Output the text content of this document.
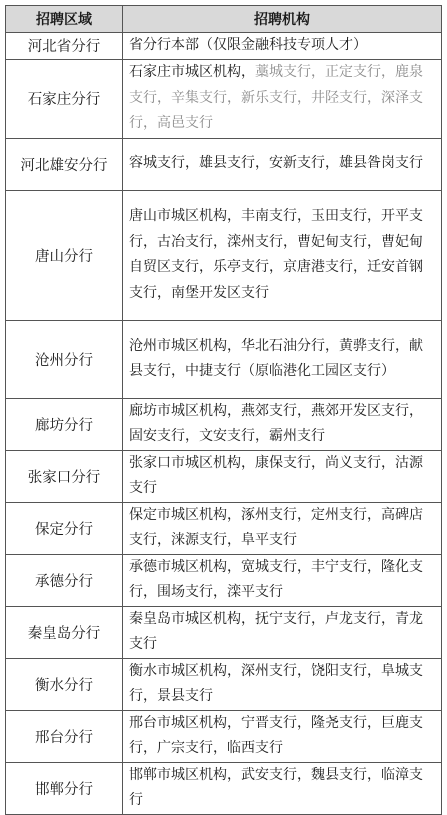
招聘区域	招聘机构
河北省分行	省分行本部（仅限金融科技专项人才）
石家庄分行	石家庄市城区机构，藁城支行，正定支行，鹿泉支行，辛集支行，新乐支行，井陉支行，深泽支行，高邑支行
河北雄安分行	容城支行，雄县支行，安新支行，雄县昝岗支行
唐山分行	唐山市城区机构，丰南支行，玉田支行，开平支行，古冶支行，滦州支行，曹妃甸支行，曹妃甸自贸区支行，乐亭支行，京唐港支行，迁安首钢支行，南堡开发区支行
沧州分行	沧州市城区机构，华北石油分行，黄骅支行，献县支行，中捷支行（原临港化工园区支行）
廊坊分行	廊坊市城区机构，燕郊支行，燕郊开发区支行，固安支行，文安支行，霸州支行
张家口分行	张家口市城区机构，康保支行，尚义支行，沽源支行
保定分行	保定市城区机构，涿州支行，定州支行，高碑店支行，涞源支行，阜平支行
承德分行	承德市城区机构，宽城支行，丰宁支行，隆化支行，围场支行，滦平支行
秦皇岛分行	秦皇岛市城区机构，抚宁支行，卢龙支行，青龙支行
衡水分行	衡水市城区机构，深州支行，饶阳支行，阜城支行，景县支行
邢台分行	邢台市城区机构，宁晋支行，隆尧支行，巨鹿支行，广宗支行，临西支行
邯郸分行	邯郸市城区机构，武安支行，魏县支行，临漳支行
